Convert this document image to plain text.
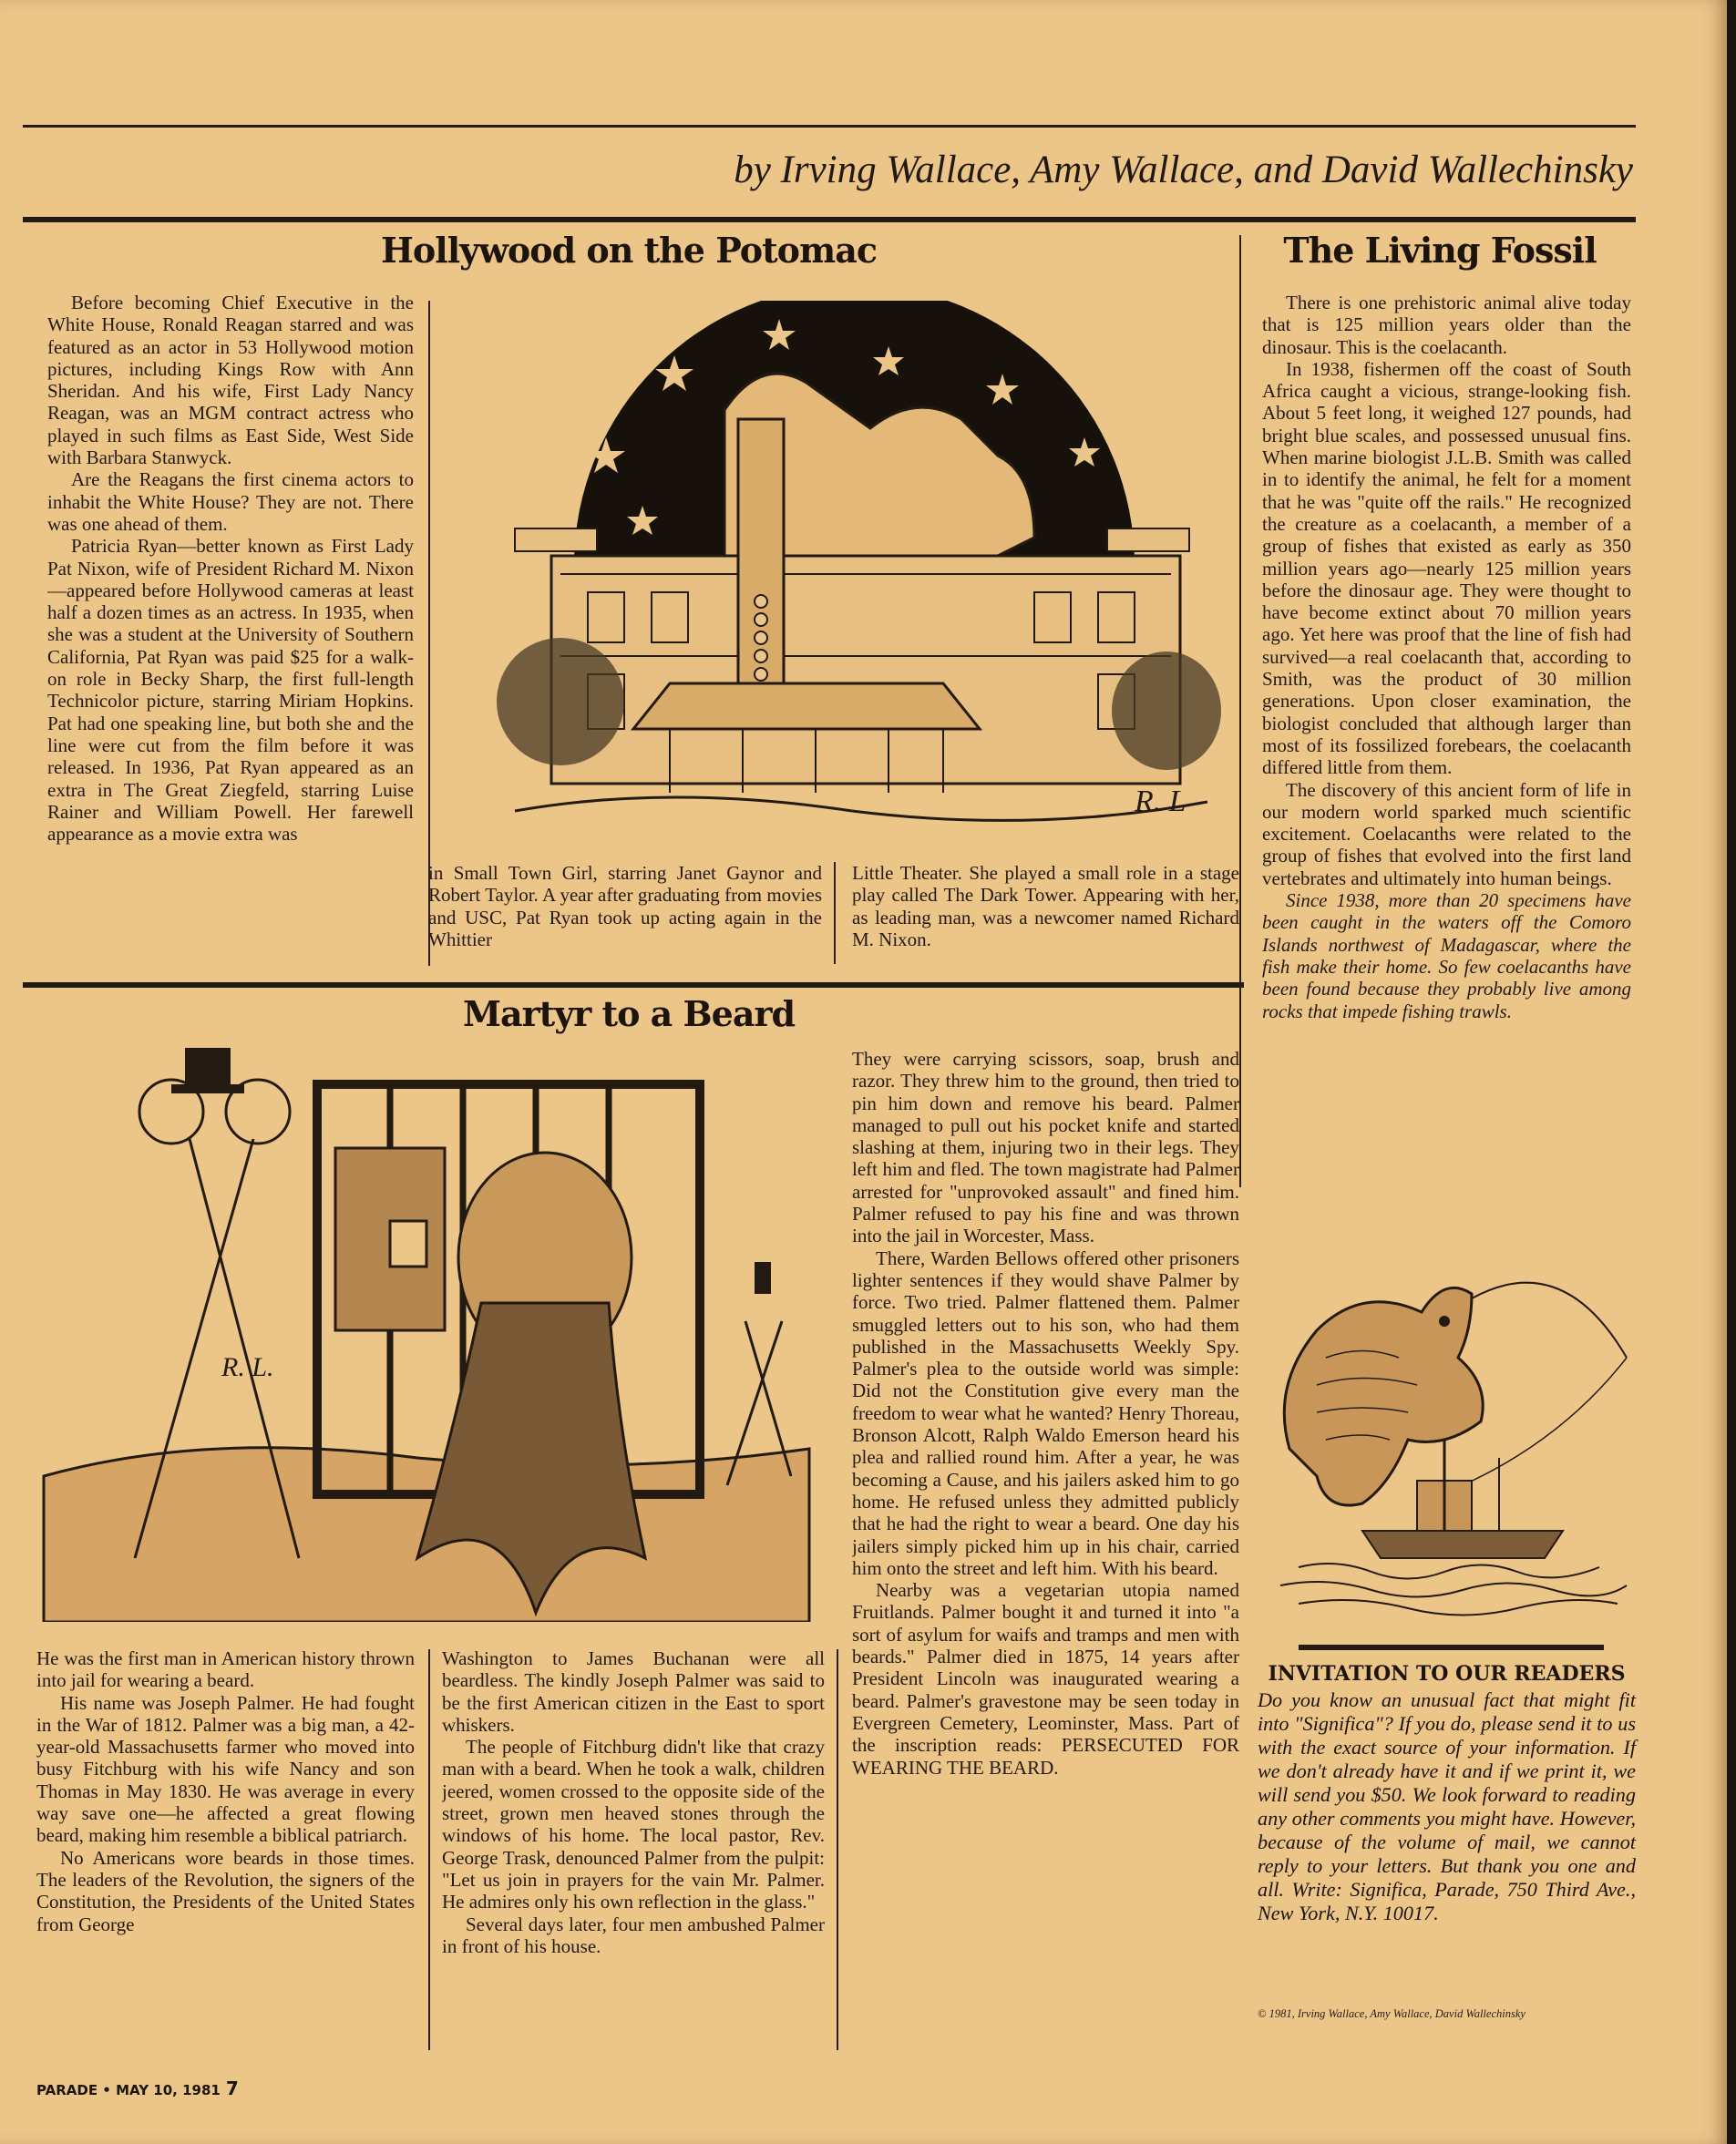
by Irving Wallace, Amy Wallace, and David Wallechinsky
Hollywood on the Potomac

Before becoming Chief Executive in the White House, Ronald Reagan starred and was featured as an actor in 53 Hollywood motion pictures, including Kings Row with Ann Sheridan. And his wife, First Lady Nancy Reagan, was an MGM contract actress who played in such films as East Side, West Side with Barbara Stanwyck.

Are the Reagans the first cinema actors to inhabit the White House? They are not. There was one ahead of them.

Patricia Ryan—better known as First Lady Pat Nixon, wife of President Richard M. Nixon—appeared before Hollywood cameras at least half a dozen times as an actress. In 1935, when she was a student at the University of Southern California, Pat Ryan was paid $25 for a walk-on role in Becky Sharp, the first full-length Technicolor picture, starring Miriam Hopkins. Pat had one speaking line, but both she and the line were cut from the film before it was released. In 1936, Pat Ryan appeared as an extra in The Great Ziegfeld, starring Luise Rainer and William Powell. Her farewell appearance as a movie extra was

R. L

in Small Town Girl, starring Janet Gaynor and Robert Taylor. A year after graduating from movies and USC, Pat Ryan took up acting again in the Whittier

Little Theater. She played a small role in a stage play called The Dark Tower. Appearing with her, as leading man, was a newcomer named Richard M. Nixon.

The Living Fossil

There is one prehistoric animal alive today that is 125 million years older than the dinosaur. This is the coelacanth.

In 1938, fishermen off the coast of South Africa caught a vicious, strange-looking fish. About 5 feet long, it weighed 127 pounds, had bright blue scales, and possessed unusual fins. When marine biologist J.L.B. Smith was called in to identify the animal, he felt for a moment that he was "quite off the rails." He recognized the creature as a coelacanth, a member of a group of fishes that existed as early as 350 million years ago—nearly 125 million years before the dinosaur age. They were thought to have become extinct about 70 million years ago. Yet here was proof that the line of fish had survived—a real coelacanth that, according to Smith, was the product of 30 million generations. Upon closer examination, the biologist concluded that although larger than most of its fossilized forebears, the coelacanth differed little from them.

The discovery of this ancient form of life in our modern world sparked much scientific excitement. Coelacanths were related to the group of fishes that evolved into the first land vertebrates and ultimately into human beings.

Since 1938, more than 20 specimens have been caught in the waters off the Comoro Islands northwest of Madagascar, where the fish make their home. So few coelacanths have been found because they probably live among rocks that impede fishing trawls.

INVITATION TO OUR READERS
Do you know an unusual fact that might fit into "Significa"? If you do, please send it to us with the exact source of your information. If we don't already have it and if we print it, we will send you $50. We look forward to reading any other comments you might have. However, because of the volume of mail, we cannot reply to your letters. But thank you one and all. Write: Significa, Parade, 750 Third Ave., New York, N.Y. 10017.
© 1981, Irving Wallace, Amy Wallace, David Wallechinsky
Martyr to a Beard
R. L.

They were carrying scissors, soap, brush and razor. They threw him to the ground, then tried to pin him down and remove his beard. Palmer managed to pull out his pocket knife and started slashing at them, injuring two in their legs. They left him and fled. The town magistrate had Palmer arrested for "unprovoked assault" and fined him. Palmer refused to pay his fine and was thrown into the jail in Worcester, Mass.

There, Warden Bellows offered other prisoners lighter sentences if they would shave Palmer by force. Two tried. Palmer flattened them. Palmer smuggled letters out to his son, who had them published in the Massachusetts Weekly Spy. Palmer's plea to the outside world was simple: Did not the Constitution give every man the freedom to wear what he wanted? Henry Thoreau, Bronson Alcott, Ralph Waldo Emerson heard his plea and rallied round him. After a year, he was becoming a Cause, and his jailers asked him to go home. He refused unless they admitted publicly that he had the right to wear a beard. One day his jailers simply picked him up in his chair, carried him onto the street and left him. With his beard.

Nearby was a vegetarian utopia named Fruitlands. Palmer bought it and turned it into "a sort of asylum for waifs and tramps and men with beards." Palmer died in 1875, 14 years after President Lincoln was inaugurated wearing a beard. Palmer's gravestone may be seen today in Evergreen Cemetery, Leominster, Mass. Part of the inscription reads: PERSECUTED FOR WEARING THE BEARD.

He was the first man in American history thrown into jail for wearing a beard.

His name was Joseph Palmer. He had fought in the War of 1812. Palmer was a big man, a 42-year-old Massachusetts farmer who moved into busy Fitchburg with his wife Nancy and son Thomas in May 1830. He was average in every way save one—he affected a great flowing beard, making him resemble a biblical patriarch.

No Americans wore beards in those times. The leaders of the Revolution, the signers of the Constitution, the Presidents of the United States from George

Washington to James Buchanan were all beardless. The kindly Joseph Palmer was said to be the first American citizen in the East to sport whiskers.

The people of Fitchburg didn't like that crazy man with a beard. When he took a walk, children jeered, women crossed to the opposite side of the street, grown men heaved stones through the windows of his home. The local pastor, Rev. George Trask, denounced Palmer from the pulpit: "Let us join in prayers for the vain Mr. Palmer. He admires only his own reflection in the glass."

Several days later, four men ambushed Palmer in front of his house.

PARADE • MAY 10, 1981 7
